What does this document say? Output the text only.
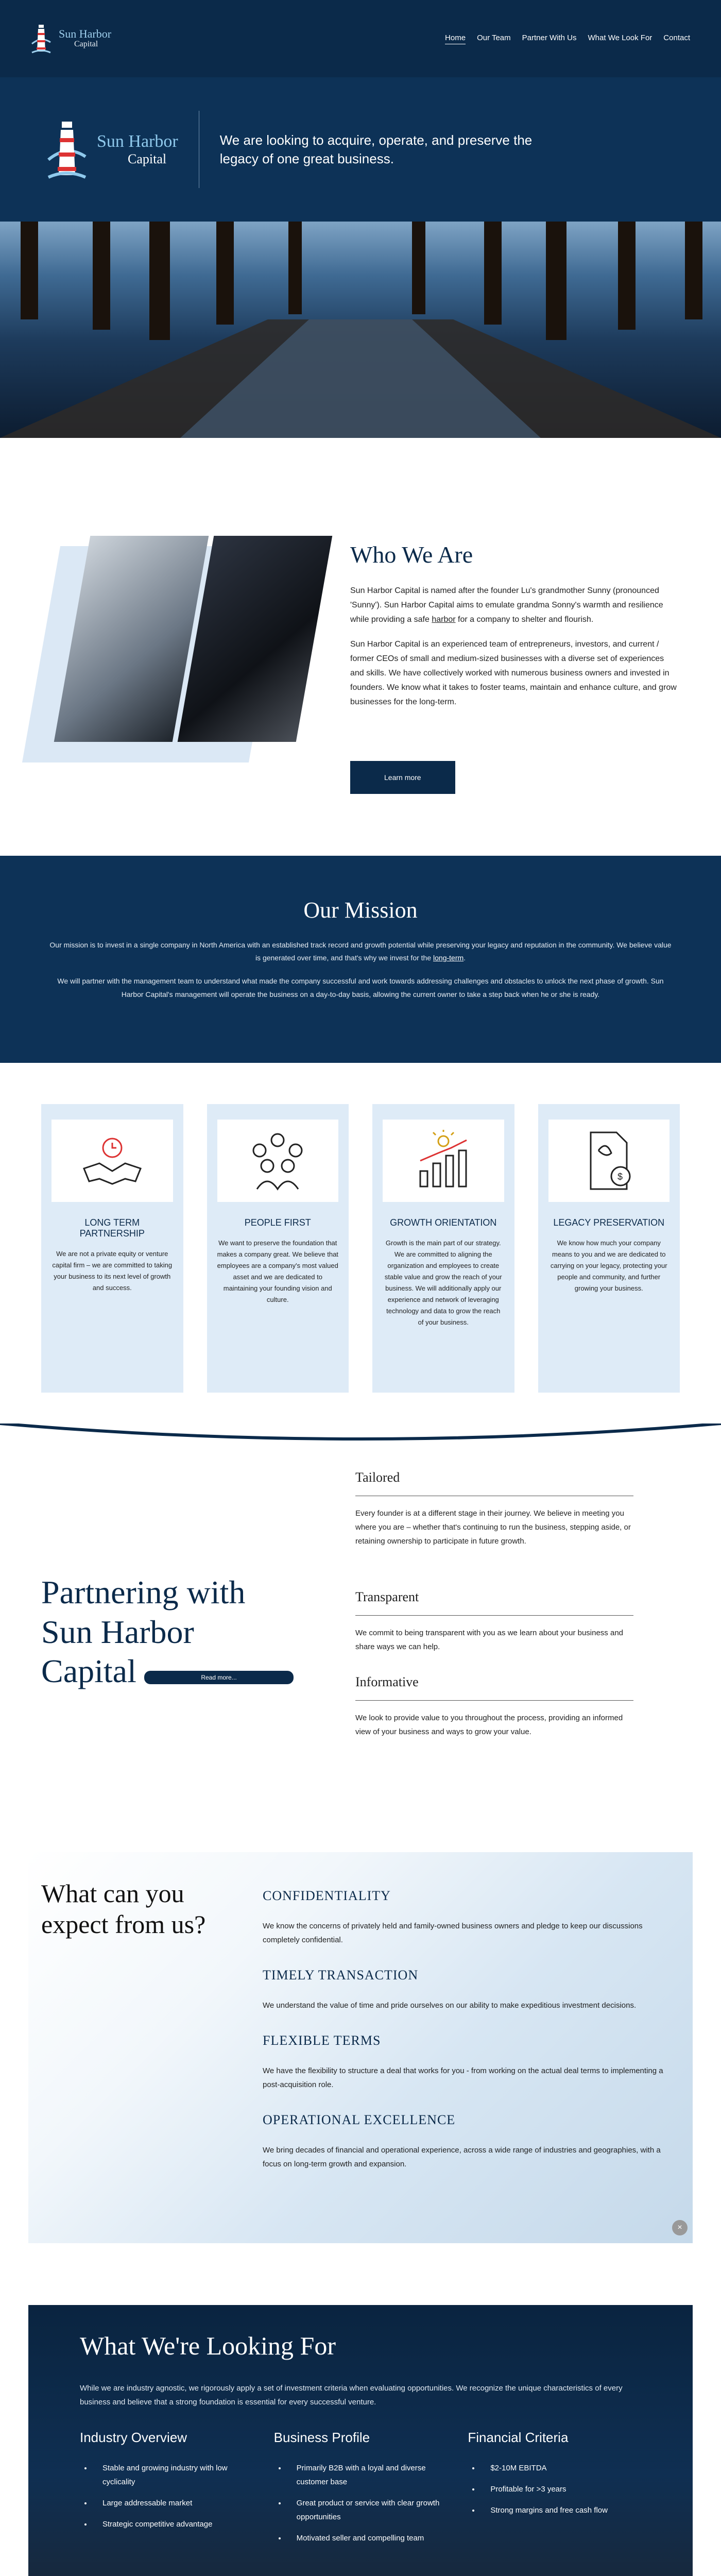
Sun Harbor
Capital
Home Our Team Partner With Us What We Look For Contact
Sun Harbor
Capital
We are looking to acquire, operate, and preserve the legacy of one great business.
Who We Are

Sun Harbor Capital is named after the founder Lu's grandmother Sunny (pronounced 'Sunny'). Sun Harbor Capital aims to emulate grandma Sonny's warmth and resilience while providing a safe harbor for a company to shelter and flourish.

Sun Harbor Capital is an experienced team of entrepreneurs, investors, and current / former CEOs of small and medium-sized businesses with a diverse set of experiences and skills. We have collectively worked with numerous business owners and invested in founders. We know what it takes to foster teams, maintain and enhance culture, and grow businesses for the long-term.

Learn more
Our Mission

Our mission is to invest in a single company in North America with an established track record and growth potential while preserving your legacy and reputation in the community. We believe value is generated over time, and that's why we invest for the long-term.

We will partner with the management team to understand what made the company successful and work towards addressing challenges and obstacles to unlock the next phase of growth. Sun Harbor Capital's management will operate the business on a day-to-day basis, allowing the current owner to take a step back when he or she is ready.

LONG TERM PARTNERSHIP

We are not a private equity or venture capital firm – we are committed to taking your business to its next level of growth and success.

PEOPLE FIRST

We want to preserve the foundation that makes a company great. We believe that employees are a company's most valued asset and we are dedicated to maintaining your founding vision and culture.

GROWTH ORIENTATION

Growth is the main part of our strategy. We are committed to aligning the organization and employees to create stable value and grow the reach of your business. We will additionally apply our experience and network of leveraging technology and data to grow the reach of your business.

$
LEGACY PRESERVATION

We know how much your company means to you and we are dedicated to carrying on your legacy, protecting your people and community, and further growing your business.

Partnering with
Sun Harbor
Capital	Read more...
Tailored

Every founder is at a different stage in their journey. We believe in meeting you where you are – whether that's continuing to run the business, stepping aside, or retaining ownership to participate in future growth.

Transparent

We commit to being transparent with you as we learn about your business and share ways we can help.

Informative

We look to provide value to you throughout the process, providing an informed view of your business and ways to grow your value.

What can you
expect from us?
CONFIDENTIALITY

We know the concerns of privately held and family-owned business owners and pledge to keep our discussions completely confidential.

TIMELY TRANSACTION

We understand the value of time and pride ourselves on our ability to make expeditious investment decisions.

FLEXIBLE TERMS

We have the flexibility to structure a deal that works for you - from working on the actual deal terms to implementing a post-acquisition role.

OPERATIONAL EXCELLENCE

We bring decades of financial and operational experience, across a wide range of industries and geographies, with a focus on long-term growth and expansion.

×
What We're Looking For

While we are industry agnostic, we rigorously apply a set of investment criteria when evaluating opportunities. We recognize the unique characteristics of every business and believe that a strong foundation is essential for every successful venture.

Industry Overview
• Stable and growing industry with low cyclicality
• Large addressable market
• Strategic competitive advantage
Business Profile
• Primarily B2B with a loyal and diverse customer base
• Great product or service with clear growth opportunities
• Motivated seller and compelling team
Financial Criteria
• $2-10M EBITDA
• Profitable for >3 years
• Strong margins and free cash flow
